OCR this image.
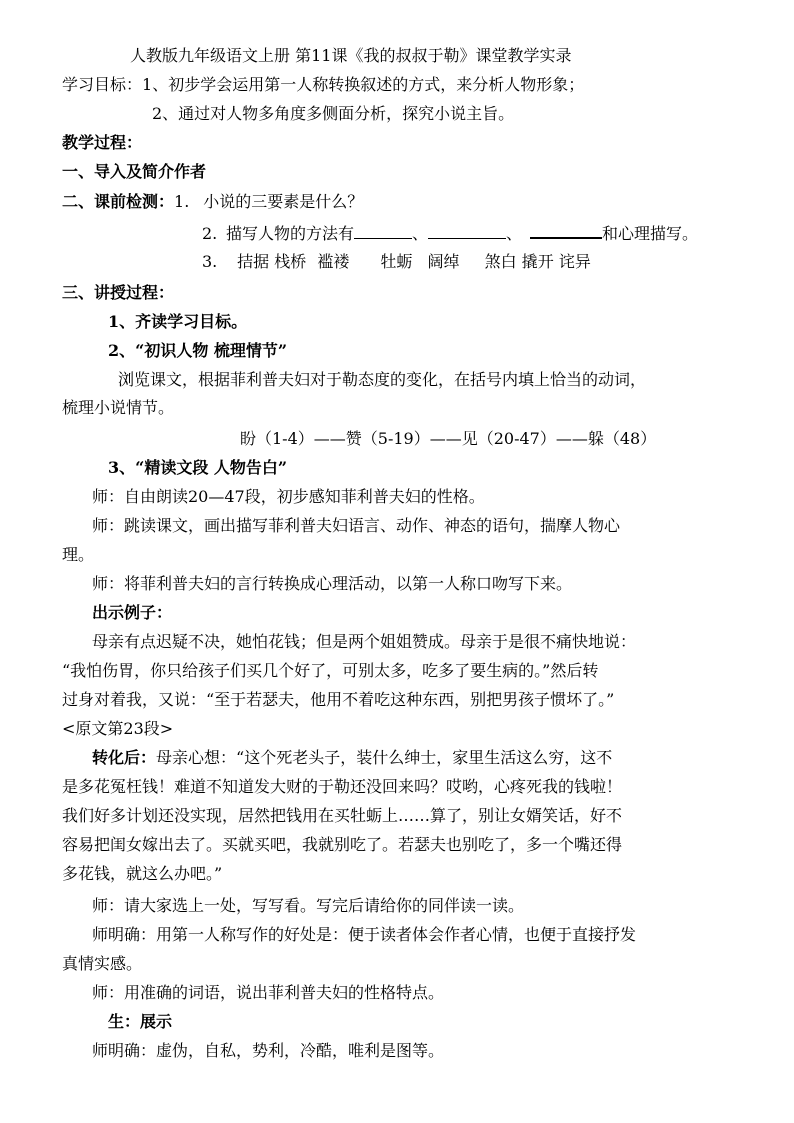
人教版九年级语文上册 第11课《我的叔叔于勒》课堂教学实录
学习目标：1、初步学会运用第一人称转换叙述的方式，来分析人物形象；
2、通过对人物多角度多侧面分析，探究小说主旨。
教学过程：
一、导入及简介作者
二、课前检测：1. 小说的三要素是什么？
2. 描写人物的方法有	、	、	和心理描写。
3. 拮据 栈桥 褴褛 牡蛎 阔绰 煞白 撬开 诧异
三、讲授过程：
1、齐读学习目标。
2、“初识人物 梳理情节”
浏览课文，根据菲利普夫妇对于勒态度的变化，在括号内填上恰当的动词，
梳理小说情节。
盼（1-4）——赞（5-19）——见（20-47）——躲（48）
3、“精读文段 人物告白”
师：自由朗读20—47段，初步感知菲利普夫妇的性格。
师：跳读课文，画出描写菲利普夫妇语言、动作、神态的语句，揣摩人物心
理。
师：将菲利普夫妇的言行转换成心理活动，以第一人称口吻写下来。
出示例子：
母亲有点迟疑不决，她怕花钱；但是两个姐姐赞成。母亲于是很不痛快地说：
“我怕伤胃，你只给孩子们买几个好了，可别太多，吃多了要生病的。”然后转
过身对着我，又说：“至于若瑟夫，他用不着吃这种东西，别把男孩子惯坏了。”
<原文第23段>
转化后：母亲心想：“这个死老头子，装什么绅士，家里生活这么穷，这不
是多花冤枉钱！难道不知道发大财的于勒还没回来吗？哎哟，心疼死我的钱啦！
我们好多计划还没实现，居然把钱用在买牡蛎上……算了，别让女婿笑话，好不
容易把闺女嫁出去了。买就买吧，我就别吃了。若瑟夫也别吃了，多一个嘴还得
多花钱，就这么办吧。”
师：请大家选上一处，写写看。写完后请给你的同伴读一读。
师明确：用第一人称写作的好处是：便于读者体会作者心情，也便于直接抒发
真情实感。
师：用准确的词语，说出菲利普夫妇的性格特点。
生：展示
师明确：虚伪，自私，势利，冷酷，唯利是图等。
